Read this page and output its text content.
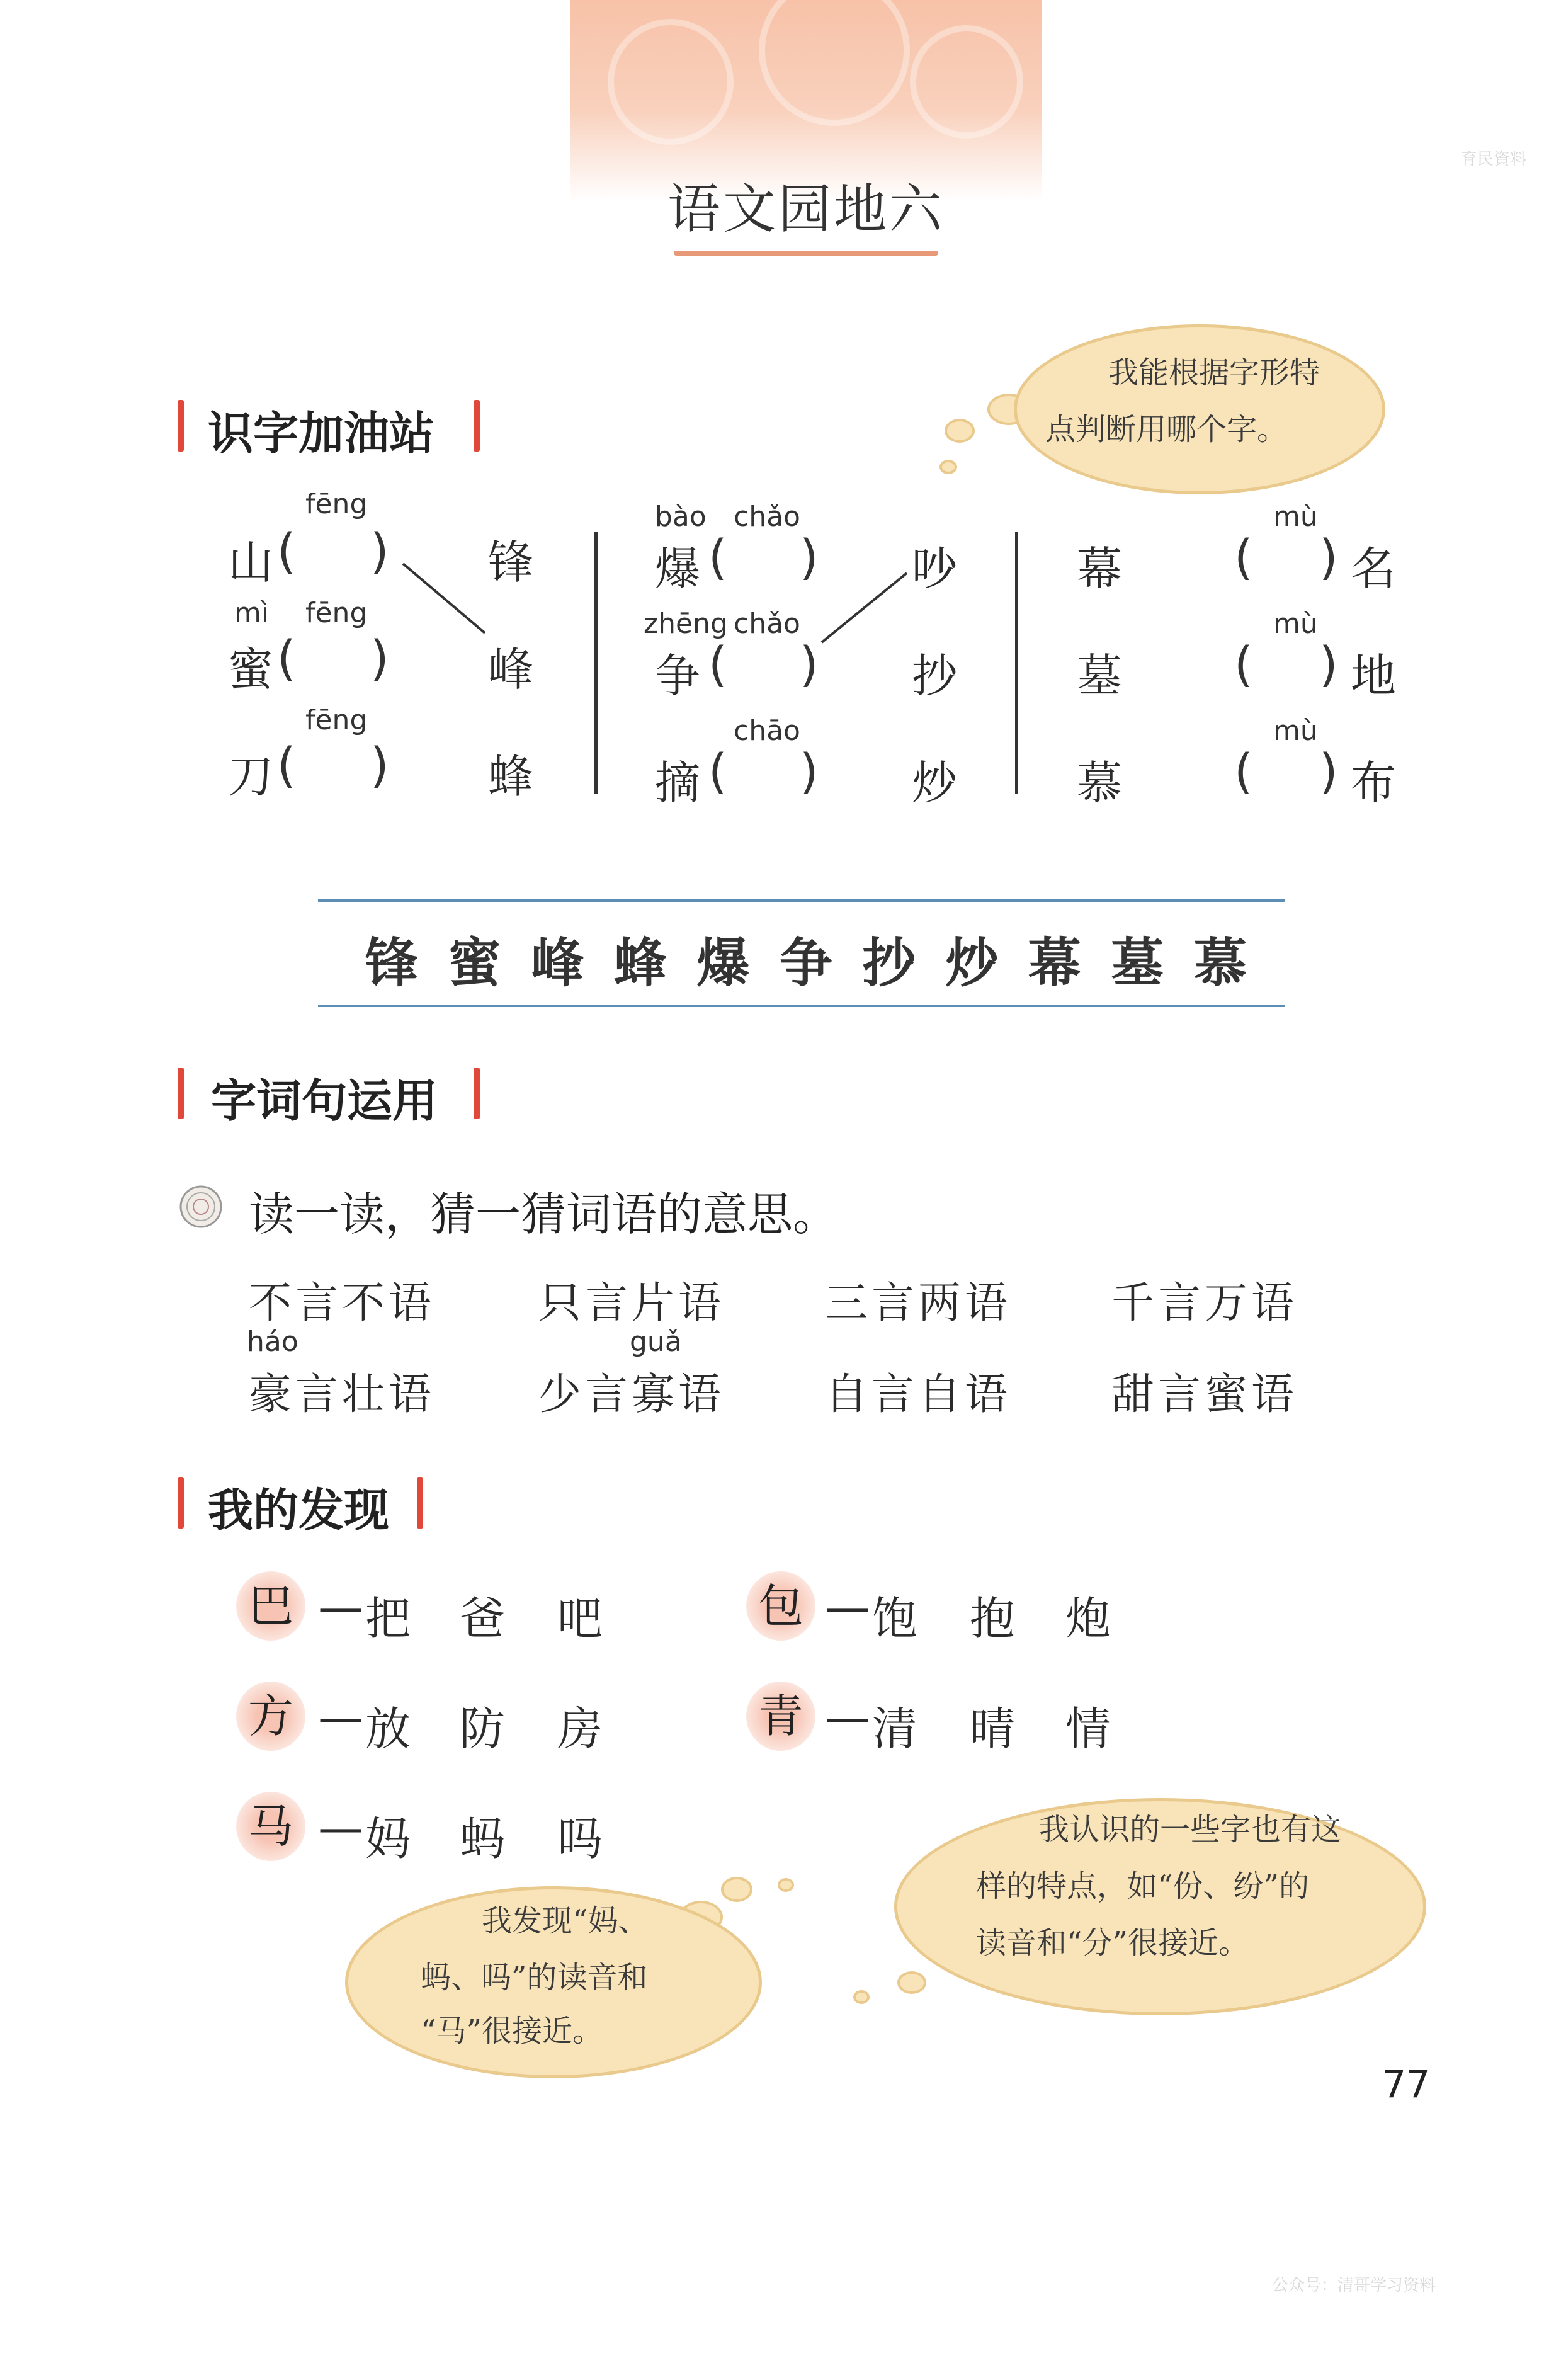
语文园地六
育民資料
识字加油站
我能根据字形特
点判断用哪个字。
fēng
山 ( ) 锋
mì fēng
蜜 ( ) 峰
fēng
刀 ( ) 蜂
bào chǎo
爆 ( ) 吵
zhēng chǎo
争 ( ) 抄
chāo
摘 ( ) 炒
mù
幕 ( ) 名
mù
墓 ( ) 地
mù
慕 ( ) 布
锋 蜜 峰 蜂 爆 争 抄 炒 幕 墓 慕
字词句运用
读一读，猜一猜词语的意思。
不言不语 只言片语 三言两语 千言万语
háo	guǎ
豪言壮语 少言寡语 自言自语 甜言蜜语
我的发现
巴 — 把 爸 吧	包 — 饱 抱 炮
方 — 放 防 房	青 — 清 晴 情
马 — 妈 蚂 吗	我认识的一些字也有这
样的特点，如“份、纷”的
读音和“分”很接近。
我发现“妈、
蚂、吗”的读音和
“马”很接近。
77
公众号：清哥学习资料
